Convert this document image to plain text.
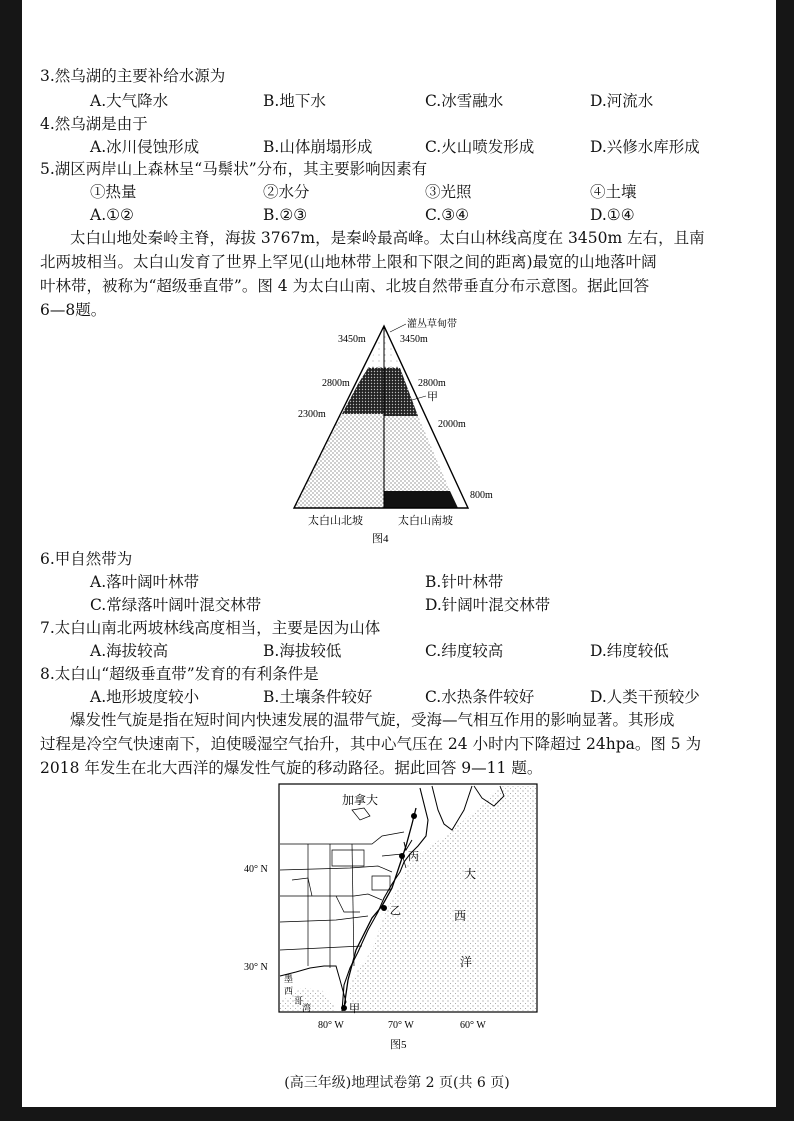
3.然乌湖的主要补给水源为
A.大气降水	B.地下水	C.冰雪融水	D.河流水
4.然乌湖是由于
A.冰川侵蚀形成	B.山体崩塌形成	C.火山喷发形成	D.兴修水库形成
5.湖区两岸山上森林呈“马鬃状”分布，其主要影响因素有
①热量	②水分	③光照	④土壤
A.①②	B.②③	C.③④	D.①④
太白山地处秦岭主脊，海拔 3767m，是秦岭最高峰。太白山林线高度在 3450m 左右，且南
北两坡相当。太白山发育了世界上罕见(山地林带上限和下限之间的距离)最宽的山地落叶阔
叶林带，被称为“超级垂直带”。图 4 为太白山南、北坡自然带垂直分布示意图。据此回答
6—8题。
灌丛草甸带
3450m	3450m
2800m	2800m
甲
2300m
2000m
800m
太白山北坡	太白山南坡
图4
6.甲自然带为
A.落叶阔叶林带	B.针叶林带
C.常绿落叶阔叶混交林带	D.针阔叶混交林带
7.太白山南北两坡林线高度相当，主要是因为山体
A.海拔较高	B.海拔较低	C.纬度较高	D.纬度较低
8.太白山“超级垂直带”发育的有利条件是
A.地形坡度较小	B.土壤条件较好	C.水热条件较好	D.人类干预较少
爆发性气旋是指在短时间内快速发展的温带气旋，受海—气相互作用的影响显著。其形成
过程是冷空气快速南下，迫使暖湿空气抬升，其中心气压在 24 小时内下降超过 24hpa。图 5 为
2018 年发生在北大西洋的爆发性气旋的移动路径。据此回答 9—11 题。
加拿大
大
西
洋
墨
西
哥
湾	甲
乙
丙
40° N
30° N
80° W	70° W	60° W
图5
(高三年级)地理试卷第 2 页(共 6 页)
